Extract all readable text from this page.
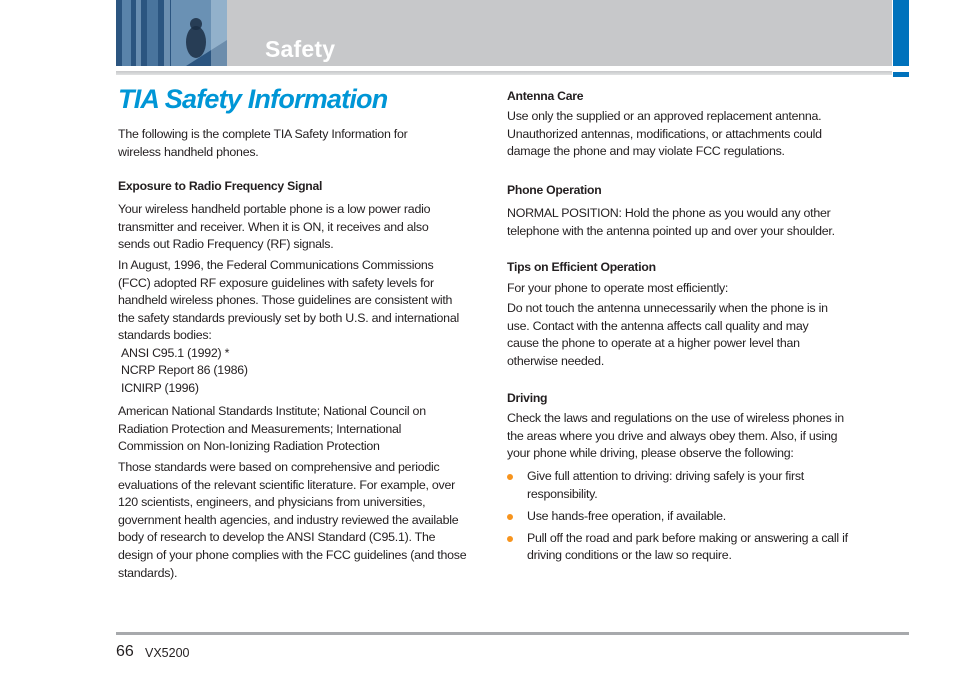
Safety
TIA Safety Information

The following is the complete TIA Safety Information for wireless handheld phones.

Exposure to Radio Frequency Signal

Your wireless handheld portable phone is a low power radio transmitter and receiver. When it is ON, it receives and also sends out Radio Frequency (RF) signals.

In August, 1996, the Federal Communications Commissions (FCC) adopted RF exposure guidelines with safety levels for handheld wireless phones. Those guidelines are consistent with the safety standards previously set by both U.S. and international standards bodies:

ANSI C95.1 (1992) *

NCRP Report 86 (1986)

ICNIRP (1996)

American National Standards Institute; National Council on Radiation Protection and Measurements; International Commission on Non-Ionizing Radiation Protection

Those standards were based on comprehensive and periodic evaluations of the relevant scientific literature. For example, over 120 scientists, engineers, and physicians from universities, government health agencies, and industry reviewed the available body of research to develop the ANSI Standard (C95.1). The design of your phone complies with the FCC guidelines (and those standards).

Antenna Care

Use only the supplied or an approved replacement antenna. Unauthorized antennas, modifications, or attachments could damage the phone and may violate FCC regulations.

Phone Operation

NORMAL POSITION: Hold the phone as you would any other telephone with the antenna pointed up and over your shoulder.

Tips on Efficient Operation

For your phone to operate most efficiently:

Do not touch the antenna unnecessarily when the phone is in use. Contact with the antenna affects call quality and may cause the phone to operate at a higher power level than otherwise needed.

Driving

Check the laws and regulations on the use of wireless phones in the areas where you drive and always obey them. Also, if using your phone while driving, please observe the following:

Give full attention to driving: driving safely is your first responsibility.
Use hands-free operation, if available.
Pull off the road and park before making or answering a call if driving conditions or the law so require.
66 VX5200
